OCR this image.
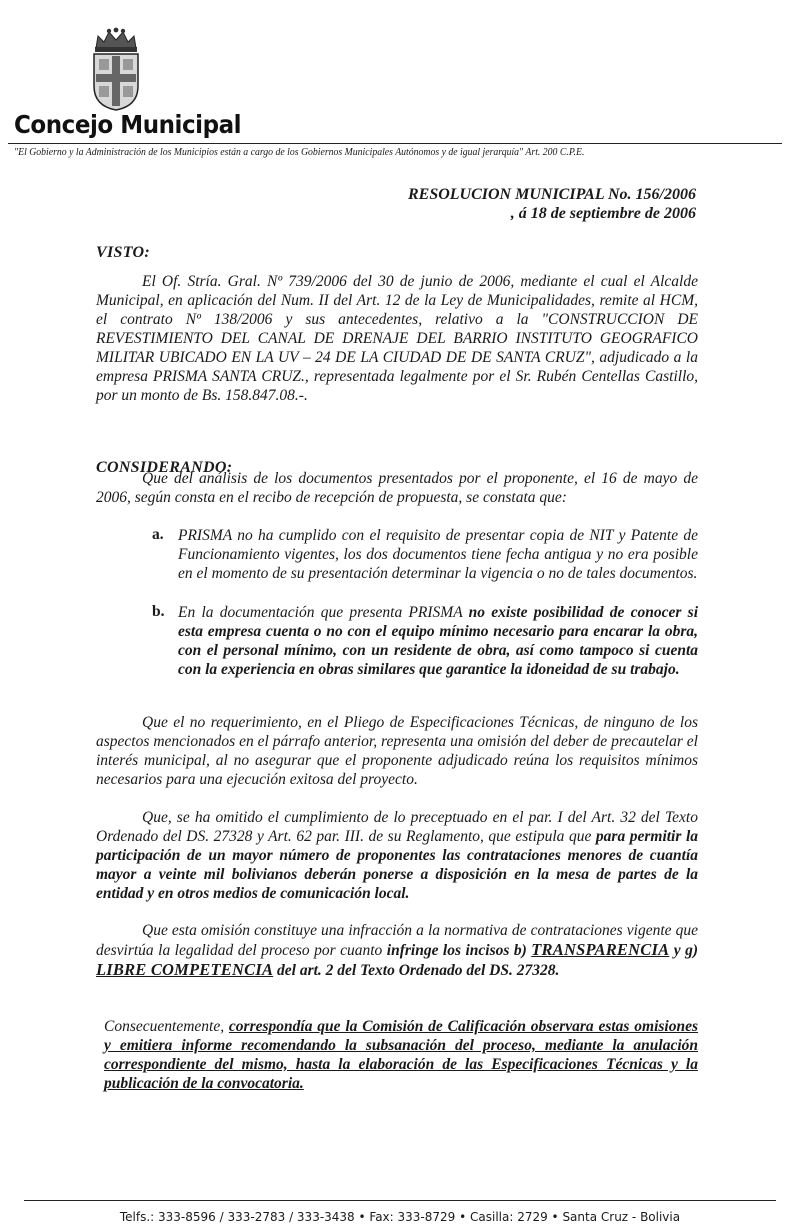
Concejo Municipal
"El Gobierno y la Administración de los Municipios están a cargo de los Gobiernos Municipales Autónomos y de igual jerarquía" Art. 200 C.P.E.
RESOLUCION MUNICIPAL No. 156/2006
, á 18 de septiembre de 2006
VISTO:

El Of. Stría. Gral. Nº 739/2006 del 30 de junio de 2006, mediante el cual el Alcalde Municipal, en aplicación del Num. II del Art. 12 de la Ley de Municipalidades, remite al HCM, el contrato Nº 138/2006 y sus antecedentes, relativo a la "CONSTRUCCION DE REVESTIMIENTO DEL CANAL DE DRENAJE DEL BARRIO INSTITUTO GEOGRAFICO MILITAR UBICADO EN LA UV – 24 DE LA CIUDAD DE DE SANTA CRUZ", adjudicado a la empresa PRISMA SANTA CRUZ., representada legalmente por el Sr. Rubén Centellas Castillo, por un monto de Bs. 158.847.08.-.

CONSIDERANDO:

Que del análisis de los documentos presentados por el proponente, el 16 de mayo de 2006, según consta en el recibo de recepción de propuesta, se constata que:

a. PRISMA no ha cumplido con el requisito de presentar copia de NIT y Patente de Funcionamiento vigentes, los dos documentos tiene fecha antigua y no era posible en el momento de su presentación determinar la vigencia o no de tales documentos.

b. En la documentación que presenta PRISMA no existe posibilidad de conocer si esta empresa cuenta o no con el equipo mínimo necesario para encarar la obra, con el personal mínimo, con un residente de obra, así como tampoco si cuenta con la experiencia en obras similares que garantice la idoneidad de su trabajo.

Que el no requerimiento, en el Pliego de Especificaciones Técnicas, de ninguno de los aspectos mencionados en el párrafo anterior, representa una omisión del deber de precautelar el interés municipal, al no asegurar que el proponente adjudicado reúna los requisitos mínimos necesarios para una ejecución exitosa del proyecto.

Que, se ha omitido el cumplimiento de lo preceptuado en el par. I del Art. 32 del Texto Ordenado del DS. 27328 y Art. 62 par. III. de su Reglamento, que estipula que para permitir la participación de un mayor número de proponentes las contrataciones menores de cuantía mayor a veinte mil bolivianos deberán ponerse a disposición en la mesa de partes de la entidad y en otros medios de comunicación local.

Que esta omisión constituye una infracción a la normativa de contrataciones vigente que desvirtúa la legalidad del proceso por cuanto infringe los incisos b) TRANSPARENCIA y g) LIBRE COMPETENCIA del art. 2 del Texto Ordenado del DS. 27328.

Consecuentemente, correspondía que la Comisión de Calificación observara estas omisiones y emitiera informe recomendando la subsanación del proceso, mediante la anulación correspondiente del mismo, hasta la elaboración de las Especificaciones Técnicas y la publicación de la convocatoria.

Telfs.: 333-8596 / 333-2783 / 333-3438 • Fax: 333-8729 • Casilla: 2729 • Santa Cruz - Bolivia
